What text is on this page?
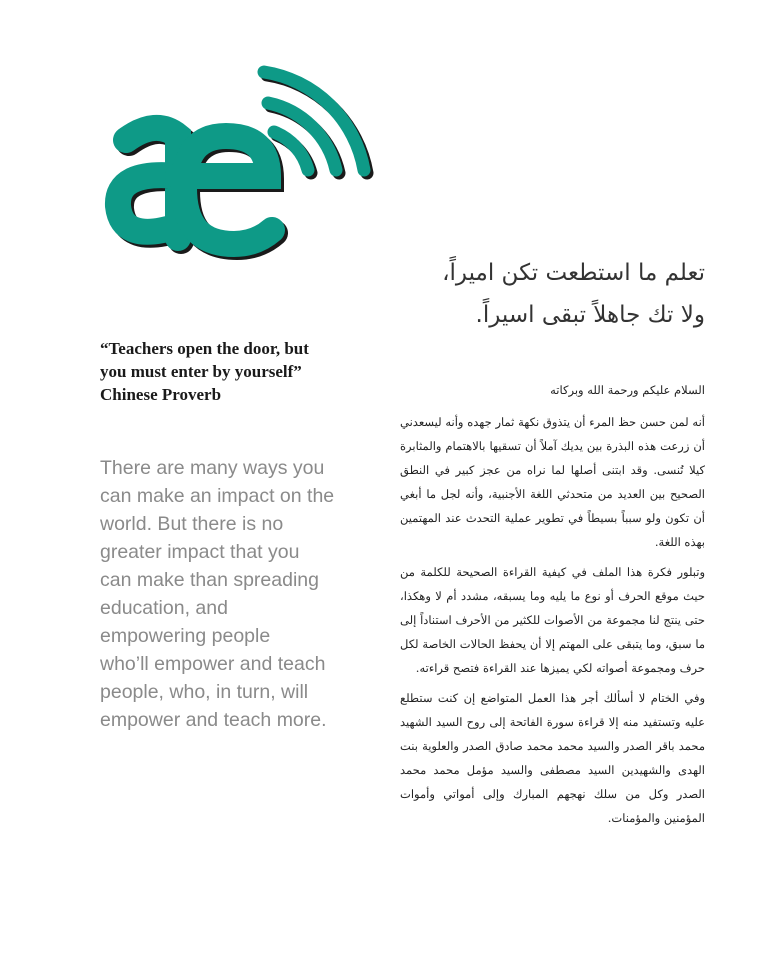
“Teachers open the door, but
you must enter by yourself”
Chinese Proverb
There are many ways you
can make an impact on the
world. But there is no
greater impact that you
can make than spreading
education, and
empowering people
who’ll empower and teach
people, who, in turn, will
empower and teach more.
تعلم ما استطعت تكن اميراً،
ولا تك جاهلاً تبقى اسيراً.

السلام عليكم ورحمة الله وبركاته

أنه لمن حسن حظ المرء أن يتذوق نكهة ثمار جهده وأنه ليسعدني أن زرعت هذه البذرة بين يديك آملاً أن تسقيها بالاهتمام والمثابرة كيلا تُنسى. وقد ابتنى أصلها لما نراه من عجز كبير في النطق الصحيح بين العديد من متحدثي اللغة الأجنبية، وأنه لجل ما أبغي أن تكون ولو سبباً بسيطاً في تطوير عملية التحدث عند المهتمين بهذه اللغة.

وتبلور فكرة هذا الملف في كيفية القراءة الصحيحة للكلمة من حيث موقع الحرف أو نوع ما يليه وما يسبقه، مشدد أم لا وهكذا، حتى ينتج لنا مجموعة من الأصوات للكثير من الأحرف استناداً إلى ما سبق، وما يتبقى على المهتم إلا أن يحفظ الحالات الخاصة لكل حرف ومجموعة أصواته لكي يميزها عند القراءة فتصح قراءته.

وفي الختام لا أسألك أجر هذا العمل المتواضع إن كنت ستطلع عليه وتستفيد منه إلا قراءة سورة الفاتحة إلى روح السيد الشهيد محمد باقر الصدر والسيد محمد محمد صادق الصدر والعلوية بنت الهدى والشهيدين السيد مصطفى والسيد مؤمل محمد محمد الصدر وكل من سلك نهجهم المبارك وإلى أمواتي وأموات المؤمنين والمؤمنات.
